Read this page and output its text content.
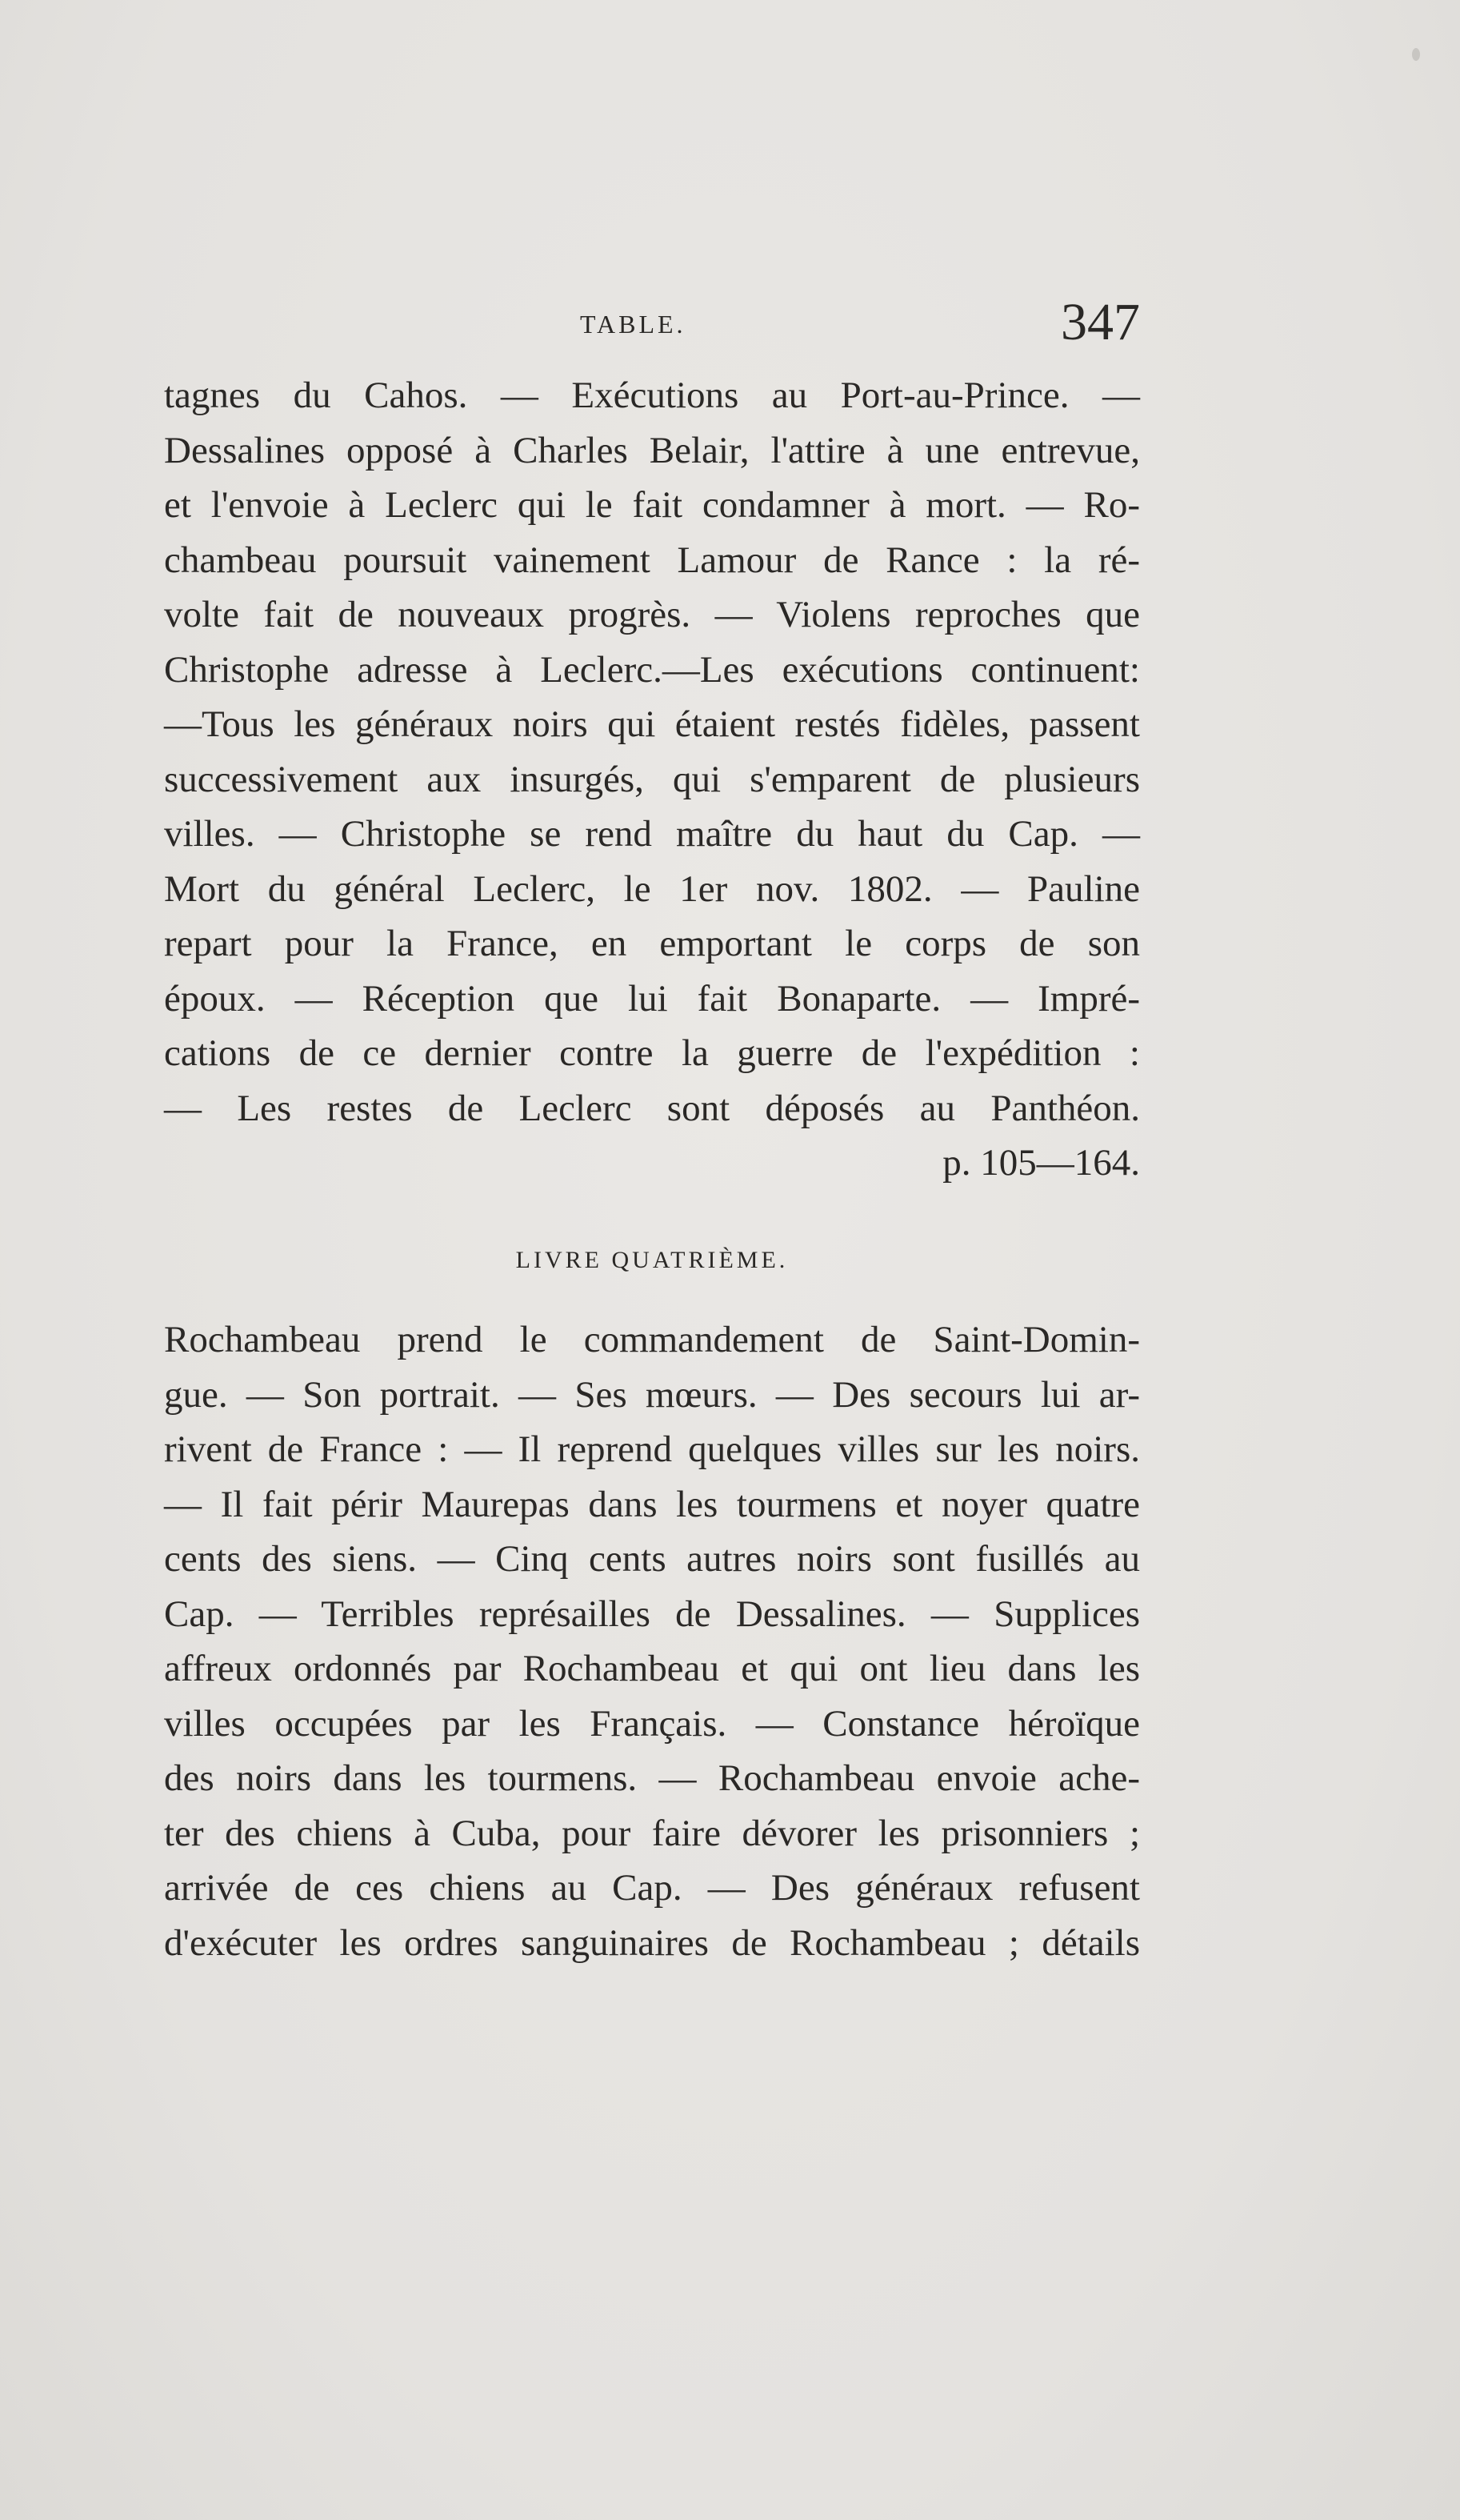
TABLE.	347
tagnes du Cahos. — Exécutions au Port-au-Prince. —
Dessalines opposé à Charles Belair, l'attire à une entrevue,
et l'envoie à Leclerc qui le fait condamner à mort. — Ro-
chambeau poursuit vainement Lamour de Rance : la ré-
volte fait de nouveaux progrès. — Violens reproches que
Christophe adresse à Leclerc.—Les exécutions continuent:
—Tous les généraux noirs qui étaient restés fidèles, passent
successivement aux insurgés, qui s'emparent de plusieurs
villes. — Christophe se rend maître du haut du Cap. —
Mort du général Leclerc, le 1er nov. 1802. — Pauline
repart pour la France, en emportant le corps de son
époux. — Réception que lui fait Bonaparte. — Impré-
cations de ce dernier contre la guerre de l'expédition :
— Les restes de Leclerc sont déposés au Panthéon.
p. 105—164.
LIVRE QUATRIÈME.
Rochambeau prend le commandement de Saint-Domin-
gue. — Son portrait. — Ses mœurs. — Des secours lui ar-
rivent de France : — Il reprend quelques villes sur les noirs.
— Il fait périr Maurepas dans les tourmens et noyer quatre
cents des siens. — Cinq cents autres noirs sont fusillés au
Cap. — Terribles représailles de Dessalines. — Supplices
affreux ordonnés par Rochambeau et qui ont lieu dans les
villes occupées par les Français. — Constance héroïque
des noirs dans les tourmens. — Rochambeau envoie ache-
ter des chiens à Cuba, pour faire dévorer les prisonniers ;
arrivée de ces chiens au Cap. — Des généraux refusent
d'exécuter les ordres sanguinaires de Rochambeau ; détails
